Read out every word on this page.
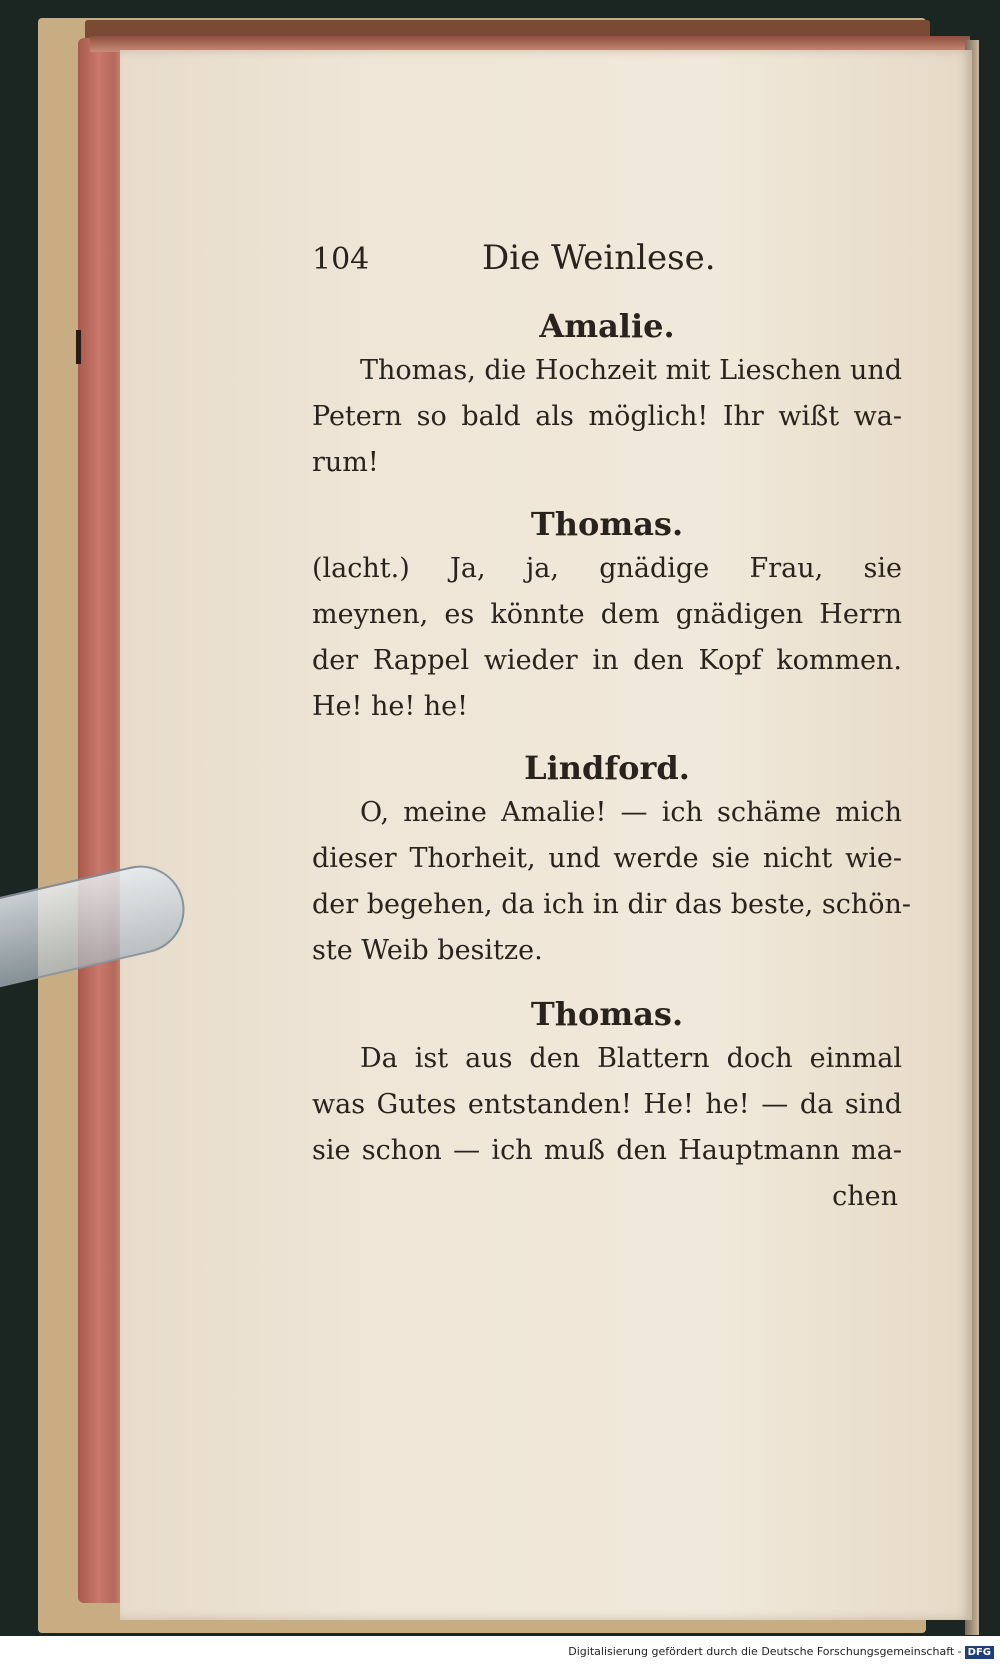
104	Die Weinlese.

Amalie.

Thomas, die Hochzeit mit Lieschen und
Petern so bald als möglich! Ihr wißt wa-
rum!

Thomas.

(lacht.) Ja, ja, gnädige Frau, sie
meynen, es könnte dem gnädigen Herrn
der Rappel wieder in den Kopf kommen.
He! he! he!

Lindford.

O, meine Amalie! — ich schäme mich
dieser Thorheit, und werde sie nicht wie-
der begehen, da ich in dir das beste, schön-
ste Weib besitze.

Thomas.

Da ist aus den Blattern doch einmal
was Gutes entstanden! He! he! — da sind
sie schon — ich muß den Hauptmann ma-

chen

Digitalisierung gefördert durch die Deutsche Forschungsgemeinschaft - DFG
